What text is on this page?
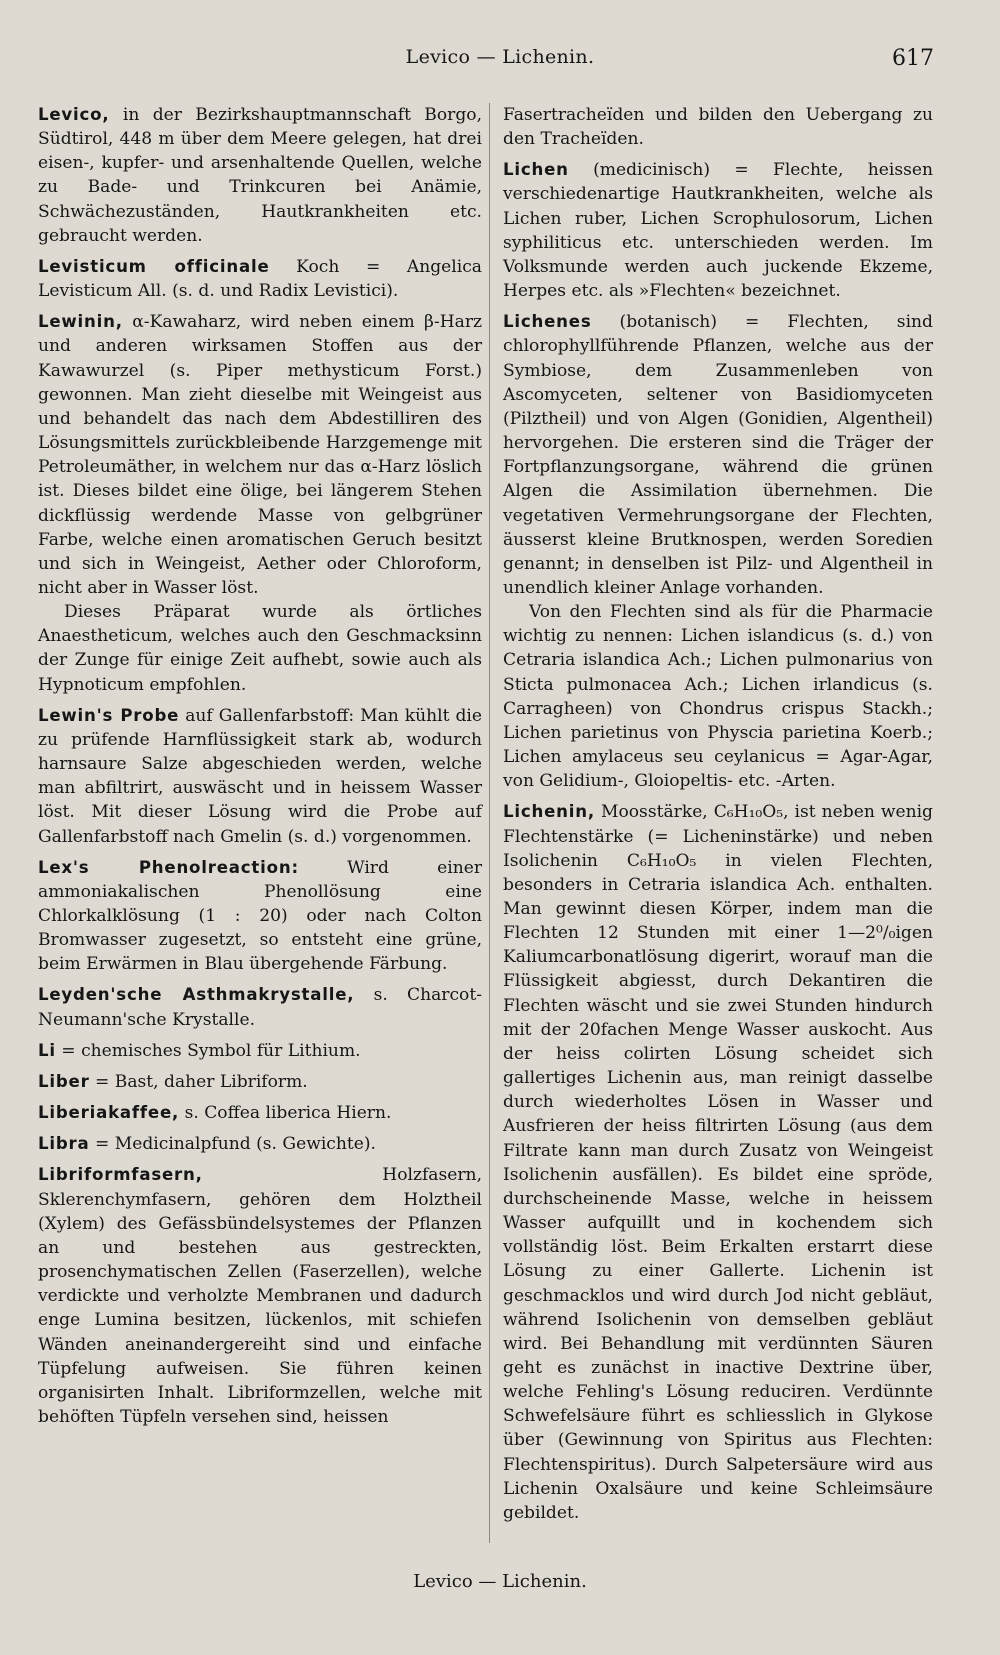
Levico — Lichenin.	617

Levico, in der Bezirkshauptmannschaft Borgo, Südtirol, 448 m über dem Meere gelegen, hat drei eisen-, kupfer- und arsenhaltende Quellen, welche zu Bade- und Trinkcuren bei Anämie, Schwächezuständen, Hautkrankheiten etc. gebraucht werden.

Levisticum officinale Koch = Angelica Levisticum All. (s. d. und Radix Levistici).

Lewinin, α-Kawaharz, wird neben einem β-Harz und anderen wirksamen Stoffen aus der Kawawurzel (s. Piper methysticum Forst.) gewonnen. Man zieht dieselbe mit Weingeist aus und behandelt das nach dem Abdestilliren des Lösungsmittels zurückbleibende Harzgemenge mit Petroleumäther, in welchem nur das α-Harz löslich ist. Dieses bildet eine ölige, bei längerem Stehen dickflüssig werdende Masse von gelbgrüner Farbe, welche einen aromatischen Geruch besitzt und sich in Weingeist, Aether oder Chloroform, nicht aber in Wasser löst.

Dieses Präparat wurde als örtliches Anaestheticum, welches auch den Geschmacksinn der Zunge für einige Zeit aufhebt, sowie auch als Hypnoticum empfohlen.

Lewin's Probe auf Gallenfarbstoff: Man kühlt die zu prüfende Harnflüssigkeit stark ab, wodurch harnsaure Salze abgeschieden werden, welche man abfiltrirt, auswäscht und in heissem Wasser löst. Mit dieser Lösung wird die Probe auf Gallenfarbstoff nach Gmelin (s. d.) vorgenommen.

Lex's Phenolreaction: Wird einer ammoniakalischen Phenollösung eine Chlorkalklösung (1 : 20) oder nach Colton Bromwasser zugesetzt, so entsteht eine grüne, beim Erwärmen in Blau übergehende Färbung.

Leyden'sche Asthmakrystalle, s. Charcot-Neumann'sche Krystalle.

Li = chemisches Symbol für Lithium.

Liber = Bast, daher Libriform.

Liberiakaffee, s. Coffea liberica Hiern.

Libra = Medicinalpfund (s. Gewichte).

Libriformfasern, Holzfasern, Sklerenchymfasern, gehören dem Holztheil (Xylem) des Gefässbündelsystemes der Pflanzen an und bestehen aus gestreckten, prosenchymatischen Zellen (Faserzellen), welche verdickte und verholzte Membranen und dadurch enge Lumina besitzen, lückenlos, mit schiefen Wänden aneinandergereiht sind und einfache Tüpfelung aufweisen. Sie führen keinen organisirten Inhalt. Libriformzellen, welche mit behöften Tüpfeln versehen sind, heissen

Fasertracheïden und bilden den Uebergang zu den Tracheïden.

Lichen (medicinisch) = Flechte, heissen verschiedenartige Hautkrankheiten, welche als Lichen ruber, Lichen Scrophulosorum, Lichen syphiliticus etc. unterschieden werden. Im Volksmunde werden auch juckende Ekzeme, Herpes etc. als »Flechten« bezeichnet.

Lichenes (botanisch) = Flechten, sind chlorophyllführende Pflanzen, welche aus der Symbiose, dem Zusammenleben von Ascomyceten, seltener von Basidiomyceten (Pilztheil) und von Algen (Gonidien, Algentheil) hervorgehen. Die ersteren sind die Träger der Fortpflanzungsorgane, während die grünen Algen die Assimilation übernehmen. Die vegetativen Vermehrungsorgane der Flechten, äusserst kleine Brutknospen, werden Soredien genannt; in denselben ist Pilz- und Algentheil in unendlich kleiner Anlage vorhanden.

Von den Flechten sind als für die Pharmacie wichtig zu nennen: Lichen islandicus (s. d.) von Cetraria islandica Ach.; Lichen pulmonarius von Sticta pulmonacea Ach.; Lichen irlandicus (s. Carragheen) von Chondrus crispus Stackh.; Lichen parietinus von Physcia parietina Koerb.; Lichen amylaceus seu ceylanicus = Agar-Agar, von Gelidium-, Gloiopeltis- etc. -Arten.

Lichenin, Moosstärke, C₆H₁₀O₅, ist neben wenig Flechtenstärke (= Licheninstärke) und neben Isolichenin C₆H₁₀O₅ in vielen Flechten, besonders in Cetraria islandica Ach. enthalten. Man gewinnt diesen Körper, indem man die Flechten 12 Stunden mit einer 1—2⁰/₀igen Kaliumcarbonatlösung digerirt, worauf man die Flüssigkeit abgiesst, durch Dekantiren die Flechten wäscht und sie zwei Stunden hindurch mit der 20fachen Menge Wasser auskocht. Aus der heiss colirten Lösung scheidet sich gallertiges Lichenin aus, man reinigt dasselbe durch wiederholtes Lösen in Wasser und Ausfrieren der heiss filtrirten Lösung (aus dem Filtrate kann man durch Zusatz von Weingeist Isolichenin ausfällen). Es bildet eine spröde, durchscheinende Masse, welche in heissem Wasser aufquillt und in kochendem sich vollständig löst. Beim Erkalten erstarrt diese Lösung zu einer Gallerte. Lichenin ist geschmacklos und wird durch Jod nicht gebläut, während Isolichenin von demselben gebläut wird. Bei Behandlung mit verdünnten Säuren geht es zunächst in inactive Dextrine über, welche Fehling's Lösung reduciren. Verdünnte Schwefelsäure führt es schliesslich in Glykose über (Gewinnung von Spiritus aus Flechten: Flechtenspiritus). Durch Salpetersäure wird aus Lichenin Oxalsäure und keine Schleimsäure gebildet.

Levico — Lichenin.
